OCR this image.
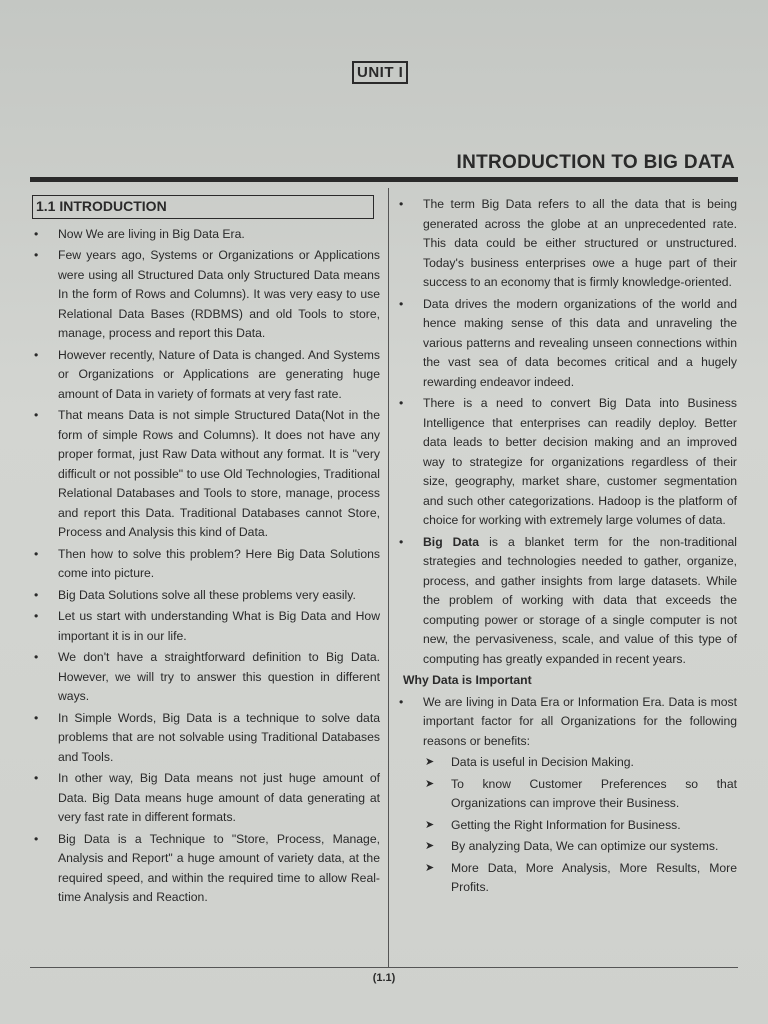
UNIT I
INTRODUCTION TO BIG DATA
1.1 INTRODUCTION
• Now We are living in Big Data Era.
• Few years ago, Systems or Organizations or Applications were using all Structured Data only Structured Data means In the form of Rows and Columns). It was very easy to use Relational Data Bases (RDBMS) and old Tools to store, manage, process and report this Data.
• However recently, Nature of Data is changed. And Systems or Organizations or Applications are generating huge amount of Data in variety of formats at very fast rate.
• That means Data is not simple Structured Data(Not in the form of simple Rows and Columns). It does not have any proper format, just Raw Data without any format. It is "very difficult or not possible" to use Old Technologies, Traditional Relational Databases and Tools to store, manage, process and report this Data. Traditional Databases cannot Store, Process and Analysis this kind of Data.
• Then how to solve this problem? Here Big Data Solutions come into picture.
• Big Data Solutions solve all these problems very easily.
• Let us start with understanding What is Big Data and How important it is in our life.
• We don't have a straightforward definition to Big Data. However, we will try to answer this question in different ways.
• In Simple Words, Big Data is a technique to solve data problems that are not solvable using Traditional Databases and Tools.
• In other way, Big Data means not just huge amount of Data. Big Data means huge amount of data generating at very fast rate in different formats.
• Big Data is a Technique to "Store, Process, Manage, Analysis and Report" a huge amount of variety data, at the required speed, and within the required time to allow Real-time Analysis and Reaction.
• The term Big Data refers to all the data that is being generated across the globe at an unprecedented rate. This data could be either structured or unstructured. Today's business enterprises owe a huge part of their success to an economy that is firmly knowledge-oriented.
• Data drives the modern organizations of the world and hence making sense of this data and unraveling the various patterns and revealing unseen connections within the vast sea of data becomes critical and a hugely rewarding endeavor indeed.
• There is a need to convert Big Data into Business Intelligence that enterprises can readily deploy. Better data leads to better decision making and an improved way to strategize for organizations regardless of their size, geography, market share, customer segmentation and such other categorizations. Hadoop is the platform of choice for working with extremely large volumes of data.
• Big Data is a blanket term for the non-traditional strategies and technologies needed to gather, organize, process, and gather insights from large datasets. While the problem of working with data that exceeds the computing power or storage of a single computer is not new, the pervasiveness, scale, and value of this type of computing has greatly expanded in recent years.
Why Data is Important
• We are living in Data Era or Information Era. Data is most important factor for all Organizations for the following reasons or benefits:
➤ Data is useful in Decision Making.
➤ To know Customer Preferences so that Organizations can improve their Business.
➤ Getting the Right Information for Business.
➤ By analyzing Data, We can optimize our systems.
➤ More Data, More Analysis, More Results, More Profits.
(1.1)
